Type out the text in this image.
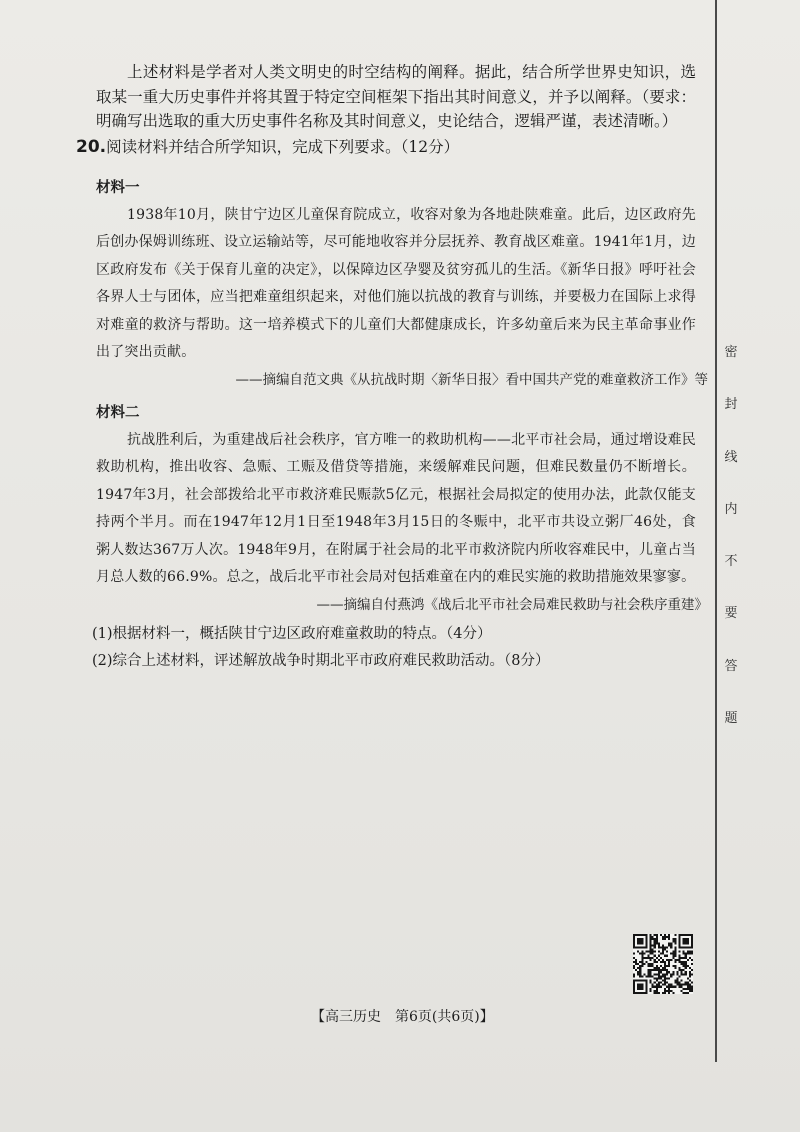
上述材料是学者对人类文明史的时空结构的阐释。据此，结合所学世界史知识，选取某一重大历史事件并将其置于特定空间框架下指出其时间意义，并予以阐释。（要求：明确写出选取的重大历史事件名称及其时间意义，史论结合，逻辑严谨，表述清晰。）

20.阅读材料并结合所学知识，完成下列要求。（12分）

材料一

1938年10月，陕甘宁边区儿童保育院成立，收容对象为各地赴陕难童。此后，边区政府先后创办保姆训练班、设立运输站等，尽可能地收容并分层抚养、教育战区难童。1941年1月，边区政府发布《关于保育儿童的决定》，以保障边区孕婴及贫穷孤儿的生活。《新华日报》呼吁社会各界人士与团体，应当把难童组织起来，对他们施以抗战的教育与训练，并要极力在国际上求得对难童的救济与帮助。这一培养模式下的儿童们大都健康成长，许多幼童后来为民主革命事业作出了突出贡献。

——摘编自范文典《从抗战时期〈新华日报〉看中国共产党的难童救济工作》等

材料二

抗战胜利后，为重建战后社会秩序，官方唯一的救助机构——北平市社会局，通过增设难民救助机构，推出收容、急赈、工赈及借贷等措施，来缓解难民问题，但难民数量仍不断增长。1947年3月，社会部拨给北平市救济难民赈款5亿元，根据社会局拟定的使用办法，此款仅能支持两个半月。而在1947年12月1日至1948年3月15日的冬赈中，北平市共设立粥厂46处，食粥人数达367万人次。1948年9月，在附属于社会局的北平市救济院内所收容难民中，儿童占当月总人数的66.9%。总之，战后北平市社会局对包括难童在内的难民实施的救助措施效果寥寥。

——摘编自付燕鸿《战后北平市社会局难民救助与社会秩序重建》

(1)根据材料一，概括陕甘宁边区政府难童救助的特点。（4分）

(2)综合上述材料，评述解放战争时期北平市政府难民救助活动。（8分）

密
封
线
内
不
要
答
题
【高三历史　第6页(共6页)】
